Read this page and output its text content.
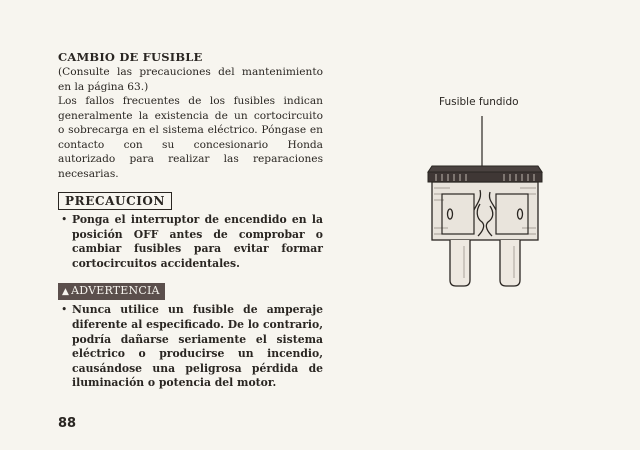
CAMBIO DE FUSIBLE
(Consulte las precauciones del mantenimiento
en la página 63.)
Los fallos frecuentes de los fusibles indican
generalmente la existencia de un cortocircuito
o sobrecarga en el sistema eléctrico. Póngase en
contacto con su concesionario Honda
autorizado para realizar las reparaciones
necesarias.
PRECAUCION
• Ponga el interruptor de encendido en la
posición OFF antes de comprobar o
cambiar fusibles para evitar formar
cortocircuitos accidentales.
▲ ADVERTENCIA
• Nunca utilice un fusible de amperaje
diferente al especificado. De lo contrario,
podría dañarse seriamente el sistema
eléctrico o producirse un incendio,
causándose una peligrosa pérdida de
iluminación o potencia del motor.
Fusible fundido
88
